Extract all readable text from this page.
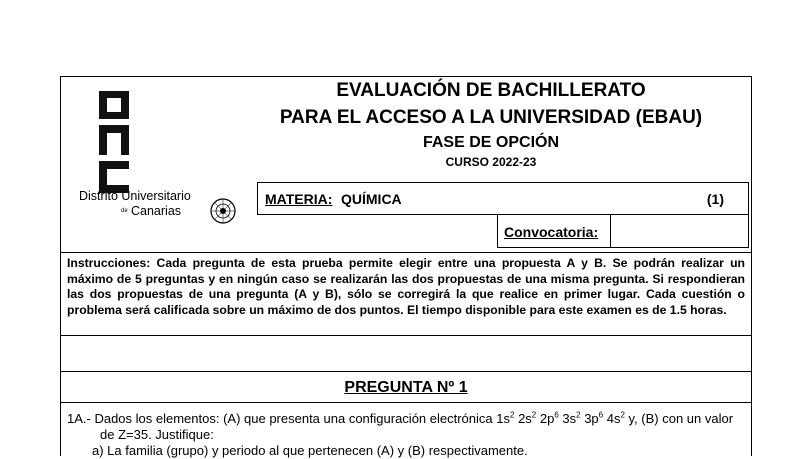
Distrito Universitario
de Canarias
EVALUACIÓN DE BACHILLERATO
PARA EL ACCESO A LA UNIVERSIDAD (EBAU)
FASE DE OPCIÓN
CURSO 2022-23
MATERIA: QUÍMICA	(1)
Convocatoria:
Instrucciones: Cada pregunta de esta prueba permite elegir entre una propuesta A y B. Se podrán realizar un máximo de 5 preguntas y en ningún caso se realizarán las dos propuestas de una misma pregunta. Si respondieran las dos propuestas de una pregunta (A y B), sólo se corregirá la que realice en primer lugar. Cada cuestión o problema será calificada sobre un máximo de dos puntos. El tiempo disponible para este examen es de 1.5 horas.
PREGUNTA Nº 1
1A.- Dados los elementos: (A) que presenta una configuración electrónica $1s^2$ $2s^2$ $2p^6$ $3s^2$ $3p^6$ $4s^2$ y, (B) con un valor
de Z=35. Justifique:
a) La familia (grupo) y periodo al que pertenecen (A) y (B) respectivamente.
